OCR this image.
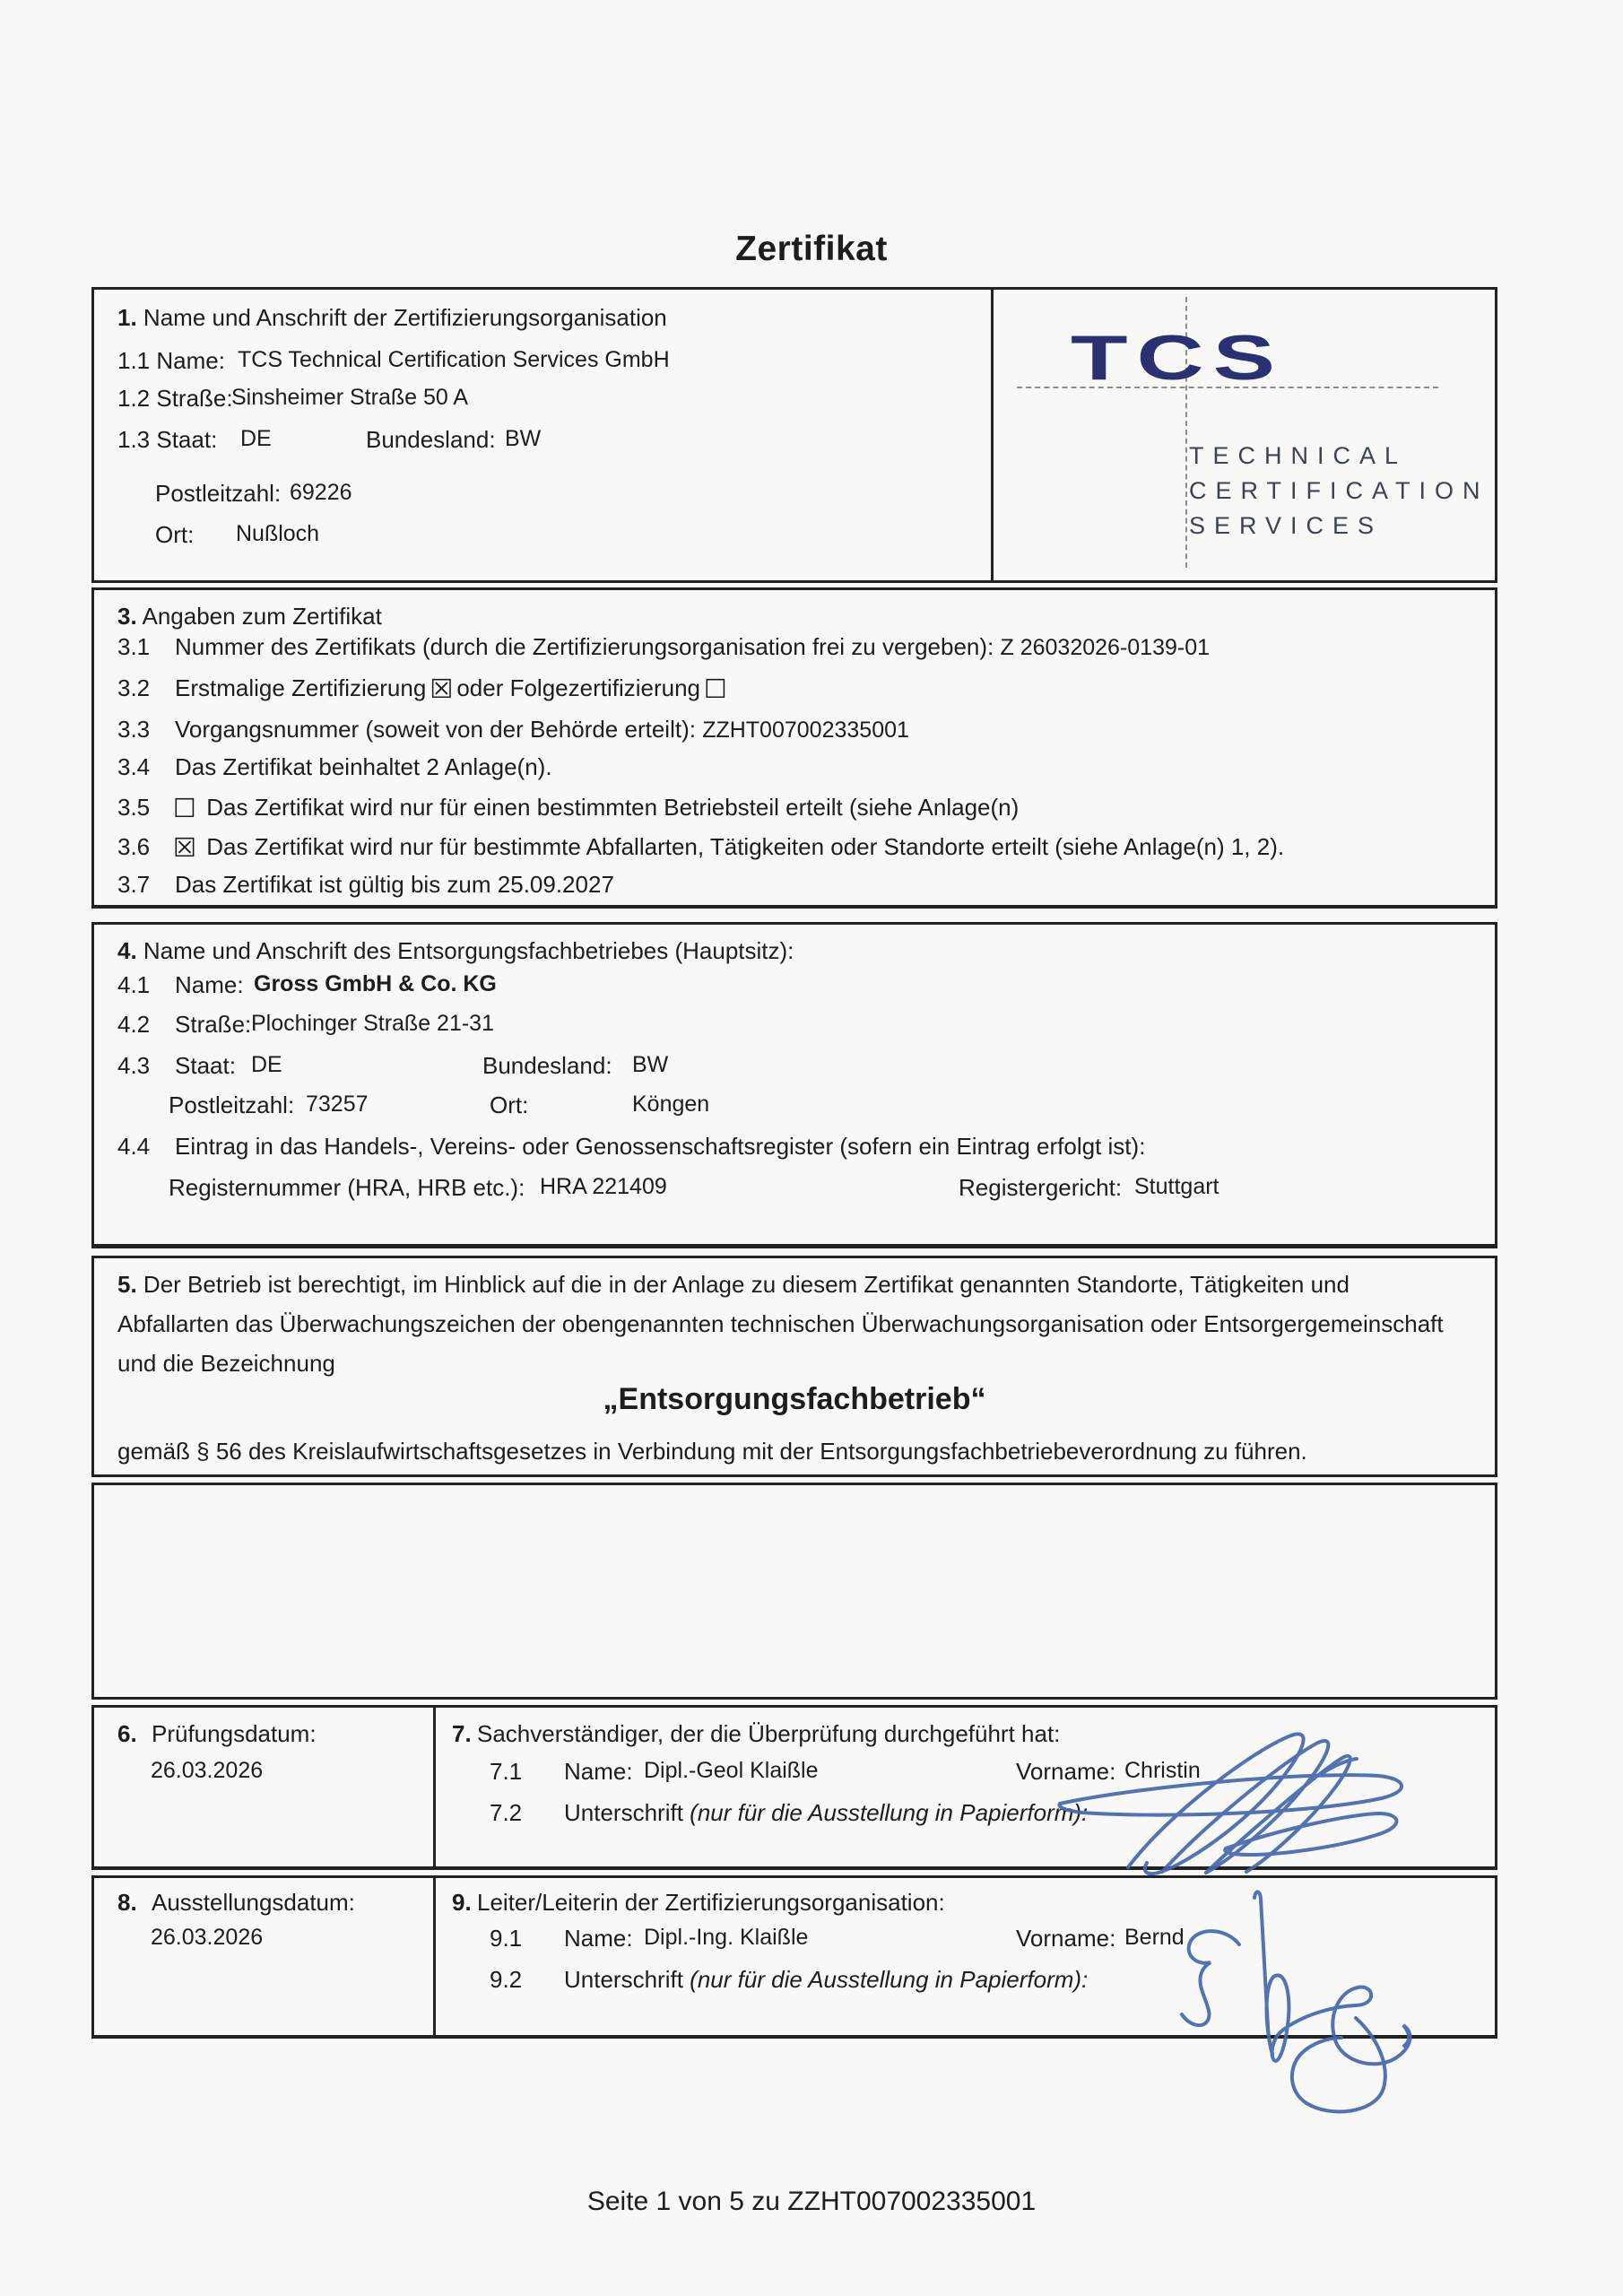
Zertifikat
1. Name und Anschrift der Zertifizierungsorganisation
1.1 Name: TCS Technical Certification Services GmbH
1.2 Straße:
Sinsheimer Straße 50 A
1.3 Staat: DE	Bundesland: BW
Postleitzahl: 69226
Ort: Nußloch
TCS
TECHNICAL
CERTIFICATION
SERVICES
3. Angaben zum Zertifikat
3.1 Nummer des Zertifikats (durch die Zertifizierungsorganisation frei zu vergeben): Z 26032026-0139-01
3.2 Erstmalige Zertifizierung ☒ oder Folgezertifizierung ☐
3.3 Vorgangsnummer (soweit von der Behörde erteilt): ZZHT007002335001
3.4 Das Zertifikat beinhaltet 2 Anlage(n).
3.5 ☐ Das Zertifikat wird nur für einen bestimmten Betriebsteil erteilt (siehe Anlage(n)
3.6 ☒ Das Zertifikat wird nur für bestimmte Abfallarten, Tätigkeiten oder Standorte erteilt (siehe Anlage(n) 1, 2).
3.7 Das Zertifikat ist gültig bis zum 25.09.2027
4. Name und Anschrift des Entsorgungsfachbetriebes (Hauptsitz):
4.1 Name: Gross GmbH & Co. KG
4.2 Straße: Plochinger Straße 21-31
4.3 Staat: DE	Bundesland: BW
Postleitzahl: 73257	Ort:	Köngen
4.4 Eintrag in das Handels-, Vereins- oder Genossenschaftsregister (sofern ein Eintrag erfolgt ist):
Registernummer (HRA, HRB etc.): HRA 221409	Registergericht: Stuttgart
5. Der Betrieb ist berechtigt, im Hinblick auf die in der Anlage zu diesem Zertifikat genannten Standorte, Tätigkeiten und
Abfallarten das Überwachungszeichen der obengenannten technischen Überwachungsorganisation oder Entsorgergemeinschaft
und die Bezeichnung
„Entsorgungsfachbetrieb“
gemäß § 56 des Kreislaufwirtschaftsgesetzes in Verbindung mit der Entsorgungsfachbetriebeverordnung zu führen.
6. Prüfungsdatum:	7. Sachverständiger, der die Überprüfung durchgeführt hat:
26.03.2026	7.1 Name: Dipl.-Geol Klaißle	Vorname: Christin
7.2 Unterschrift (nur für die Ausstellung in Papierform):
8. Ausstellungsdatum:	9. Leiter/Leiterin der Zertifizierungsorganisation:
26.03.2026	9.1 Name: Dipl.-Ing. Klaißle	Vorname: Bernd
9.2 Unterschrift (nur für die Ausstellung in Papierform):
Seite 1 von 5 zu ZZHT007002335001
